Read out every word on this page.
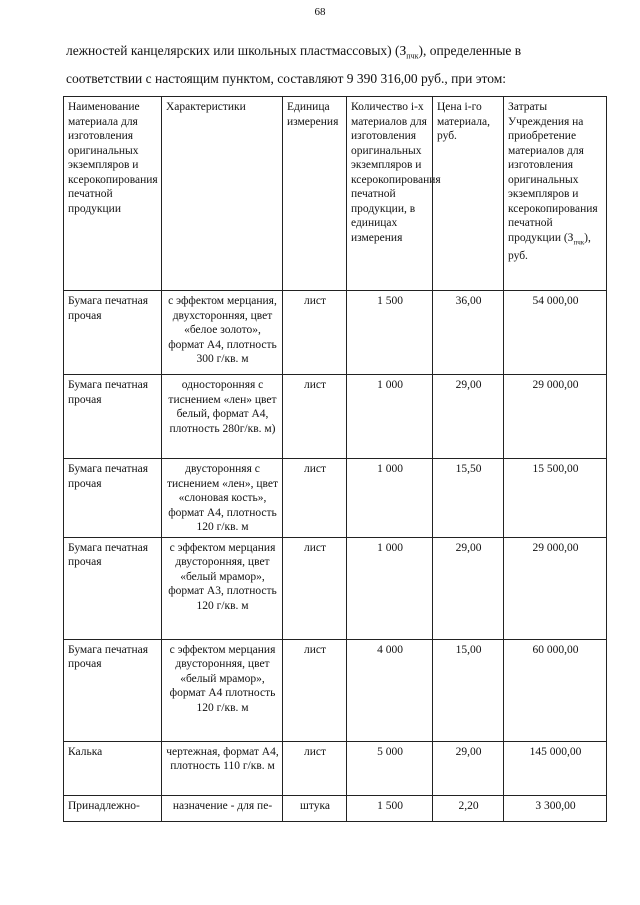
68
лежностей канцелярских или школьных пластмассовых) $(З_{пчк})$, определенные в
соответствии с настоящим пунктом, составляют 9 390 316,00 руб., при этом:
Наименование материала для изготовления оригинальных экземпляров и ксерокопирования печатной продукции	Характеристики	Единица измерения	Количество i-х материалов для изготовления оригинальных экземпляров и ксерокопирования печатной продукции, в единицах измерения	Цена i-го материала, руб.	Затраты Учреждения на приобретение материалов для изготовления оригинальных экземпляров и ксерокопирования печатной продукции $(З_{пчк})$, руб.
Бумага печатная прочая	с эффектом мерцания, двухсторонняя, цвет «белое золото», формат А4, плотность 300 г/кв. м	лист	1 500	36,00	54 000,00
Бумага печатная прочая	односторонняя с тиснением «лен» цвет белый, формат А4, плотность 280г/кв. м)	лист	1 000	29,00	29 000,00
Бумага печатная прочая	двусторонняя с тиснением «лен», цвет «слоновая кость», формат А4, плотность 120 г/кв. м	лист	1 000	15,50	15 500,00
Бумага печатная прочая	с эффектом мерцания двусторонняя, цвет «белый мрамор», формат А3, плотность 120 г/кв. м	лист	1 000	29,00	29 000,00
Бумага печатная прочая	с эффектом мерцания двусторонняя, цвет «белый мрамор», формат А4 плотность 120 г/кв. м	лист	4 000	15,00	60 000,00
Калька	чертежная, формат А4, плотность 110 г/кв. м	лист	5 000	29,00	145 000,00
Принадлежно-	назначение - для пе-	штука	1 500	2,20	3 300,00
